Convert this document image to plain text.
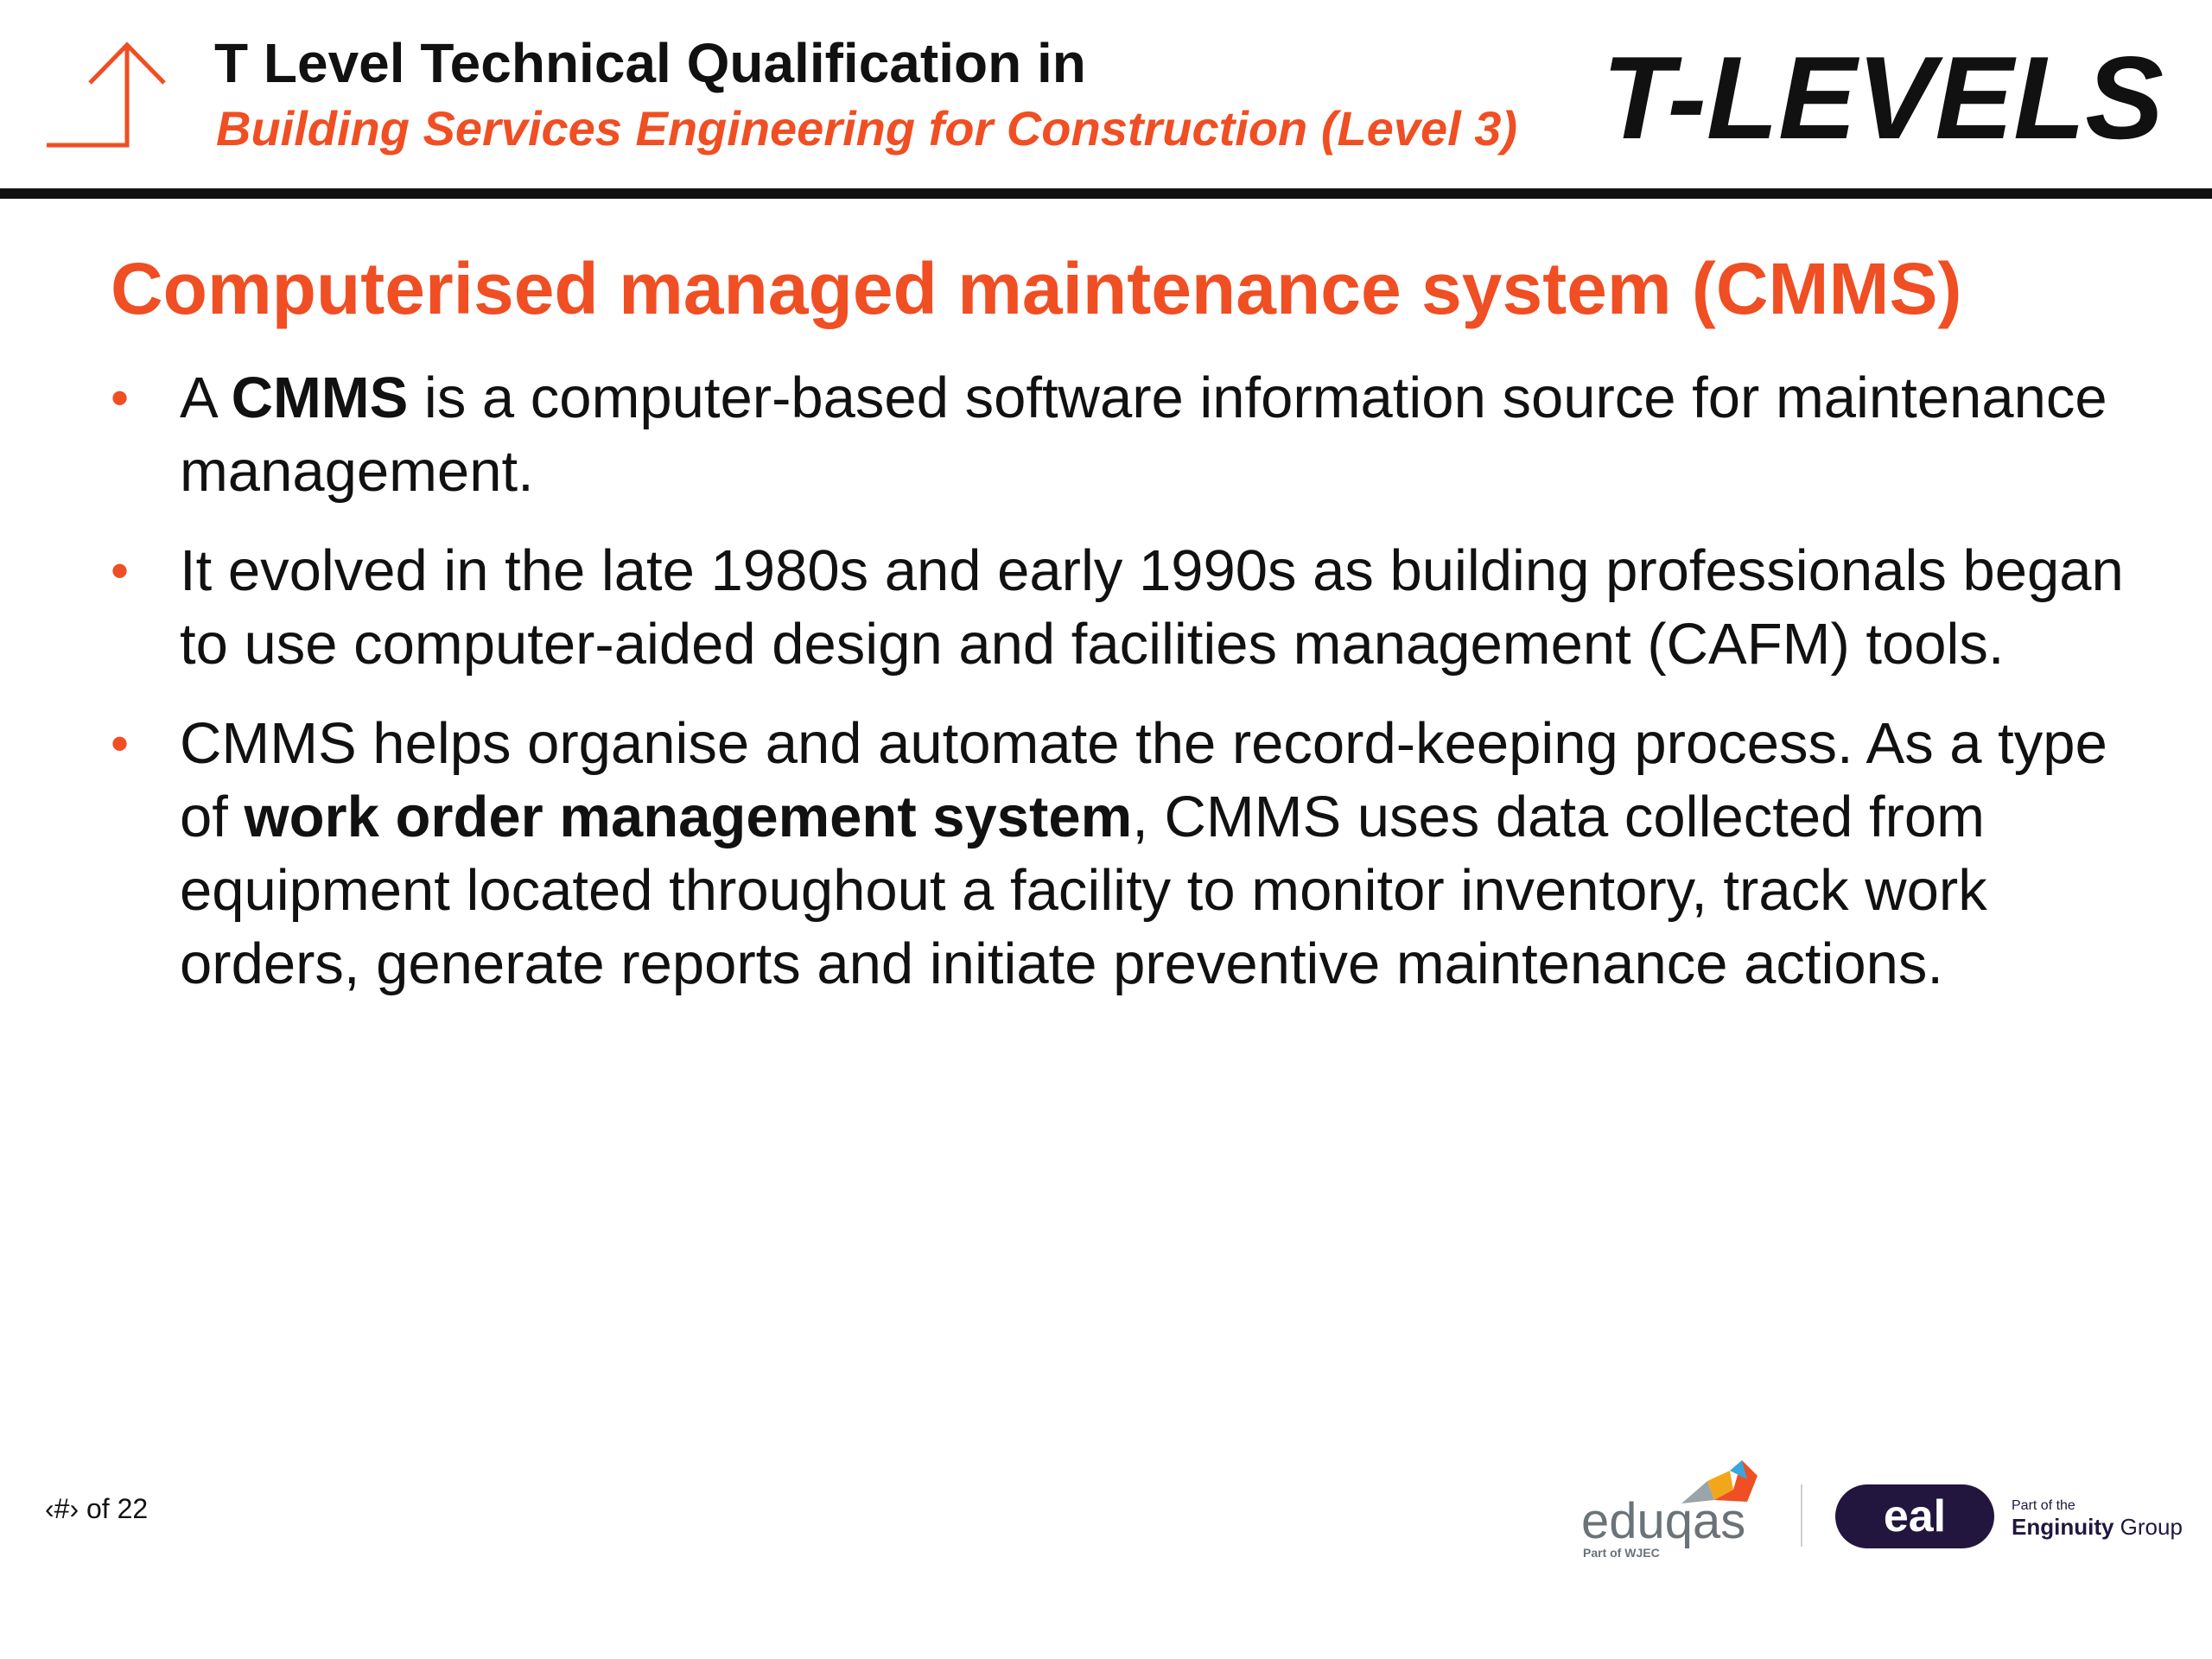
T Level Technical Qualification in
Building Services Engineering for Construction (Level 3) T-LEVELS
Computerised managed maintenance system (CMMS)
• A CMMS is a computer-based software information source for maintenance management.
• It evolved in the late 1980s and early 1990s as building professionals began to use computer-aided design and facilities management (CAFM) tools.
• CMMS helps organise and automate the record-keeping process. As a type of work order management system, CMMS uses data collected from equipment located throughout a facility to monitor inventory, track work orders, generate reports and initiate preventive maintenance actions.
‹#› of 22	eduqas
Part of WJEC
eal	Part of the
Enginuity Group
